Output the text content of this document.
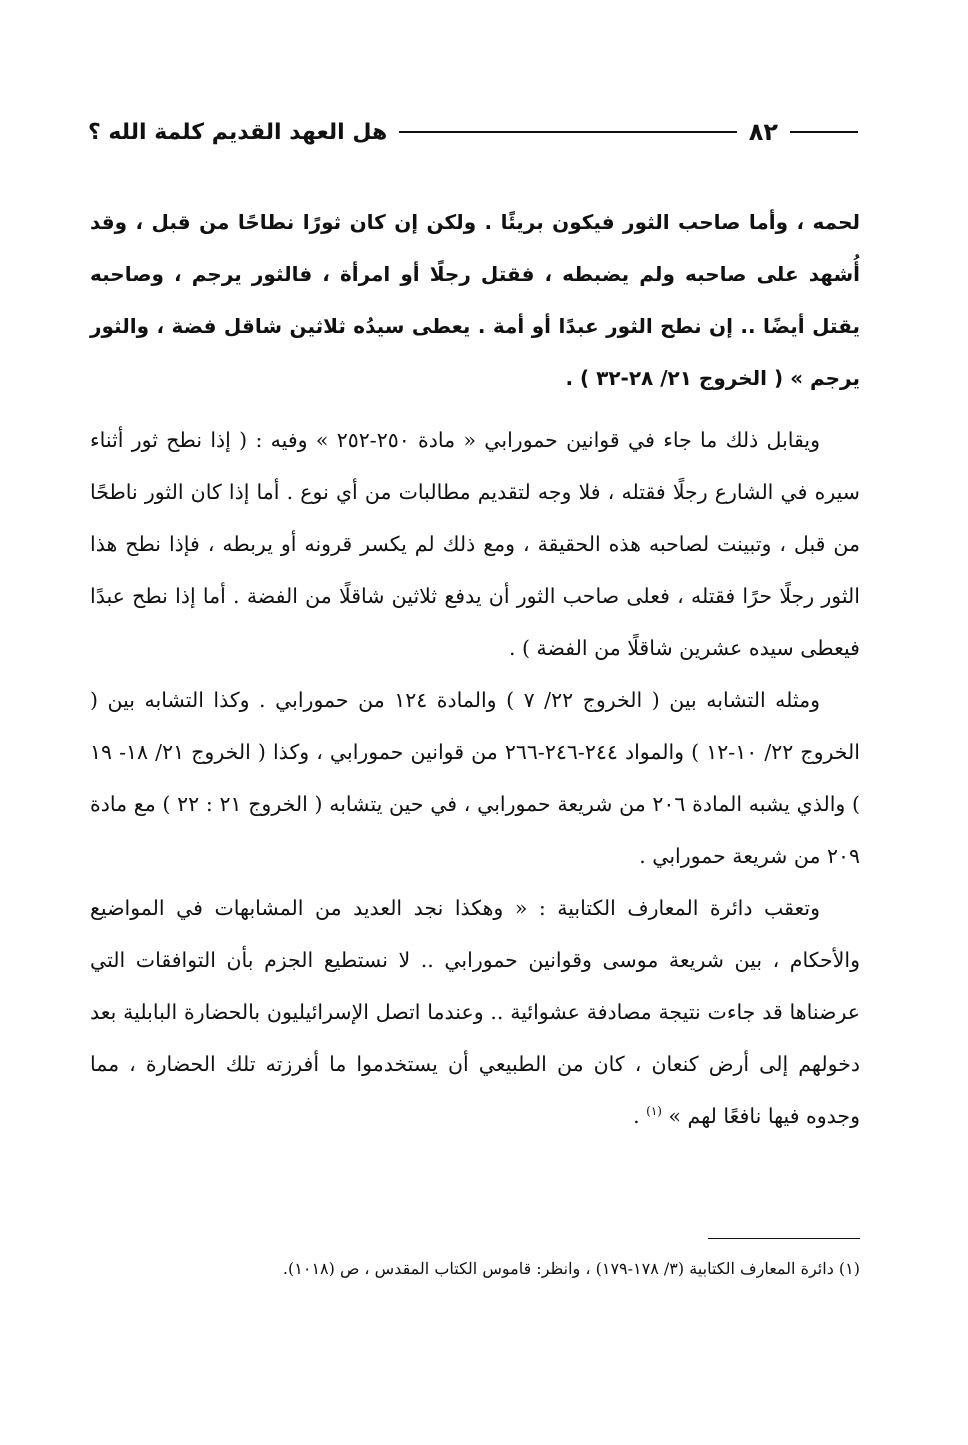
٨٢
هل العهد القديم كلمة الله ؟

لحمه ، وأما صاحب الثور فيكون بريئًا . ولكن إن كان ثورًا نطاحًا من قبل ، وقد أُشهد على صاحبه ولم يضبطه ، فقتل رجلًا أو امرأة ، فالثور يرجم ، وصاحبه يقتل أيضًا .. إن نطح الثور عبدًا أو أمة . يعطى سيدُه ثلاثين شاقل فضة ، والثور يرجم » ( الخروج ٢١/ ٢٨-٣٢ ) .

ويقابل ذلك ما جاء في قوانين حمورابي « مادة ٢٥٠-٢٥٢ » وفيه : ( إذا نطح ثور أثناء سيره في الشارع رجلًا فقتله ، فلا وجه لتقديم مطالبات من أي نوع . أما إذا كان الثور ناطحًا من قبل ، وتبينت لصاحبه هذه الحقيقة ، ومع ذلك لم يكسر قرونه أو يربطه ، فإذا نطح هذا الثور رجلًا حرًا فقتله ، فعلى صاحب الثور أن يدفع ثلاثين شاقلًا من الفضة . أما إذا نطح عبدًا فيعطى سيده عشرين شاقلًا من الفضة ) .

ومثله التشابه بين ( الخروج ٢٢/ ٧ ) والمادة ١٢٤ من حمورابي . وكذا التشابه بين ( الخروج ٢٢/ ١٠-١٢ ) والمواد ٢٤٤-٢٤٦-٢٦٦ من قوانين حمورابي ، وكذا ( الخروج ٢١/ ١٨- ١٩ ) والذي يشبه المادة ٢٠٦ من شريعة حمورابي ، في حين يتشابه ( الخروج ٢١ : ٢٢ ) مع مادة ٢٠٩ من شريعة حمورابي .

وتعقب دائرة المعارف الكتابية : « وهكذا نجد العديد من المشابهات في المواضيع والأحكام ، بين شريعة موسى وقوانين حمورابي .. لا نستطيع الجزم بأن التوافقات التي عرضناها قد جاءت نتيجة مصادفة عشوائية .. وعندما اتصل الإسرائيليون بالحضارة البابلية بعد دخولهم إلى أرض كنعان ، كان من الطبيعي أن يستخدموا ما أفرزته تلك الحضارة ، مما وجدوه فيها نافعًا لهم » $^{(١)}$ .

(١) دائرة المعارف الكتابية (٣/ ١٧٨-١٧٩) ، وانظر: قاموس الكتاب المقدس ، ص (١٠١٨).
